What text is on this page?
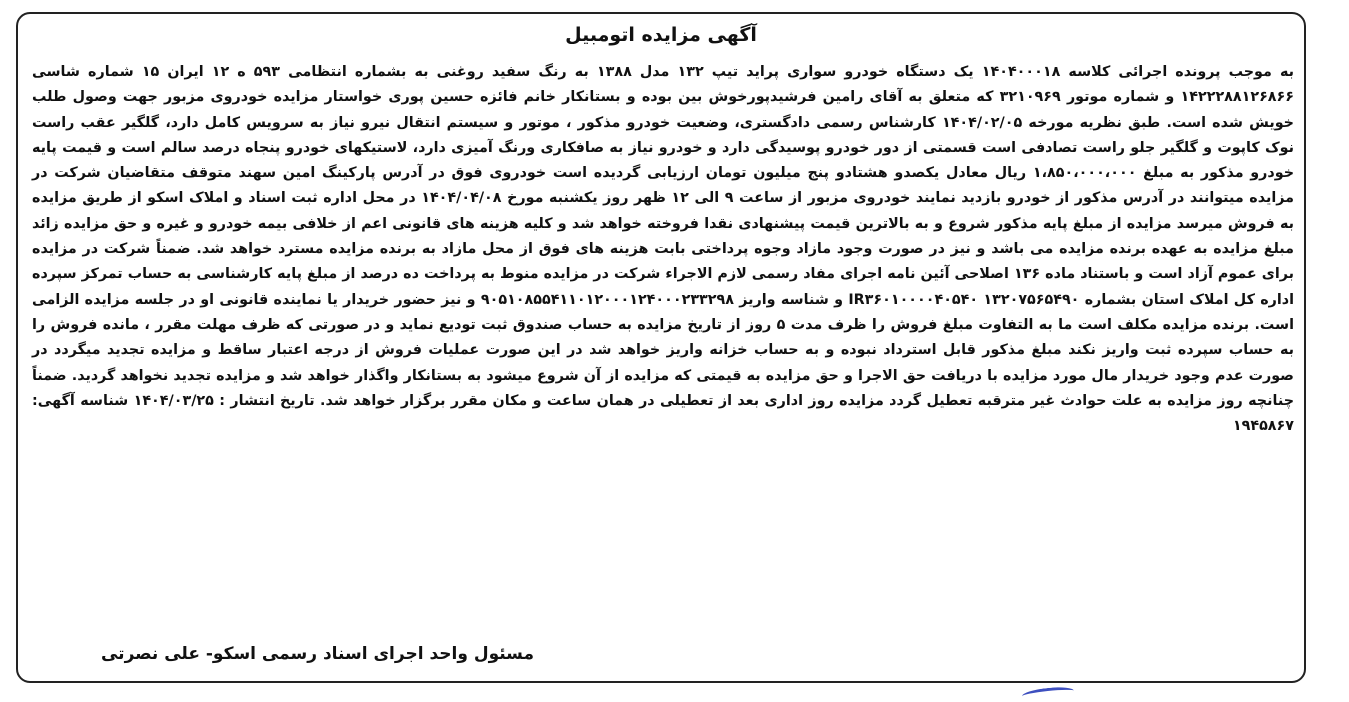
آگهی مزایده اتومبیل

به موجب پرونده اجرائی کلاسه ۱۴۰۴۰۰۰۱۸ یک دستگاه خودرو سواری پراید تیپ ۱۳۲ مدل ۱۳۸۸ به رنگ سفید روغنی به بشماره انتظامی ۵۹۳ ه ۱۲ ایران ۱۵ شماره شاسی ۱۴۲۲۲۸۸۱۲۶۸۶۶ و شماره موتور ۳۲۱۰۹۶۹ که متعلق به آقای رامین فرشیدپورخوش بین بوده و بستانکار خانم فائزه حسین پوری خواستار مزایده خودروی مزبور جهت وصول طلب خویش شده است. طبق نظریه مورخه ۱۴۰۴/۰۲/۰۵ کارشناس رسمی دادگستری، وضعیت خودرو مذکور ، موتور و سیستم انتقال نیرو نیاز به سرویس کامل دارد، گلگیر عقب راست نوک کاپوت و گلگیر جلو راست تصادفی است قسمتی از دور خودرو پوسیدگی دارد و خودرو نیاز به صافکاری ورنگ آمیزی دارد، لاستیکهای خودرو پنجاه درصد سالم است و قیمت پایه خودرو مذکور به مبلغ ۱،۸۵۰،۰۰۰،۰۰۰ ریال معادل یکصدو هشتادو پنج میلیون تومان ارزیابی گردیده است خودروی فوق در آدرس پارکینگ امین سهند متوقف متقاضیان شرکت در مزایده میتوانند در آدرس مذکور از خودرو بازدید نمایند خودروی مزبور از ساعت ۹ الی ۱۲ ظهر روز یکشنبه مورخ ۱۴۰۴/۰۴/۰۸ در محل اداره ثبت اسناد و املاک اسکو از طریق مزایده به فروش میرسد مزایده از مبلغ پایه مذکور شروع و به بالاترین قیمت پیشنهادی نقدا فروخته خواهد شد و کلیه هزینه های قانونی اعم از خلافی بیمه خودرو و غیره و حق مزایده زائد مبلغ مزایده به عهده برنده مزایده می باشد و نیز در صورت وجود مازاد وجوه پرداختی بابت هزینه های فوق از محل مازاد به برنده مزایده مسترد خواهد شد. ضمناً شرکت در مزایده برای عموم آزاد است و باستناد ماده ۱۳۶ اصلاحی آئین نامه اجرای مفاد رسمی لازم الاجراء شرکت در مزایده منوط به پرداخت ده درصد از مبلغ پایه کارشناسی به حساب تمرکز سپرده اداره کل املاک استان بشماره IR۳۶۰۱۰۰۰۰۴۰۵۴۰ ۱۳۲۰۷۵۶۵۴۹۰ و شناسه واریز ۹۰۵۱۰۸۵۵۴۱۱۰۱۲۰۰۰۱۲۴۰۰۰۲۳۳۲۹۸ و نیز حضور خریدار یا نماینده قانونی او در جلسه مزایده الزامی است. برنده مزایده مکلف است ما به التفاوت مبلغ فروش را ظرف مدت ۵ روز از تاریخ مزایده به حساب صندوق ثبت تودیع نماید و در صورتی که ظرف مهلت مقرر ، مانده فروش را به حساب سپرده ثبت واریز نکند مبلغ مذکور قابل استرداد نبوده و به حساب خزانه واریز خواهد شد در این صورت عملیات فروش از درجه اعتبار ساقط و مزایده تجدید میگردد در صورت عدم وجود خریدار مال مورد مزایده با دریافت حق الاجرا و حق مزایده به قیمتی که مزایده از آن شروع میشود به بستانکار واگذار خواهد شد و مزایده تجدید نخواهد گردید. ضمناً چنانچه روز مزایده به علت حوادث غیر مترقبه تعطیل گردد مزایده روز اداری بعد از تعطیلی در همان ساعت و مکان مقرر برگزار خواهد شد. تاریخ انتشار : ۱۴۰۴/۰۳/۲۵ شناسه آگهی: ۱۹۴۵۸۶۷

مسئول واحد اجرای اسناد رسمی اسکو- علی نصرتی
